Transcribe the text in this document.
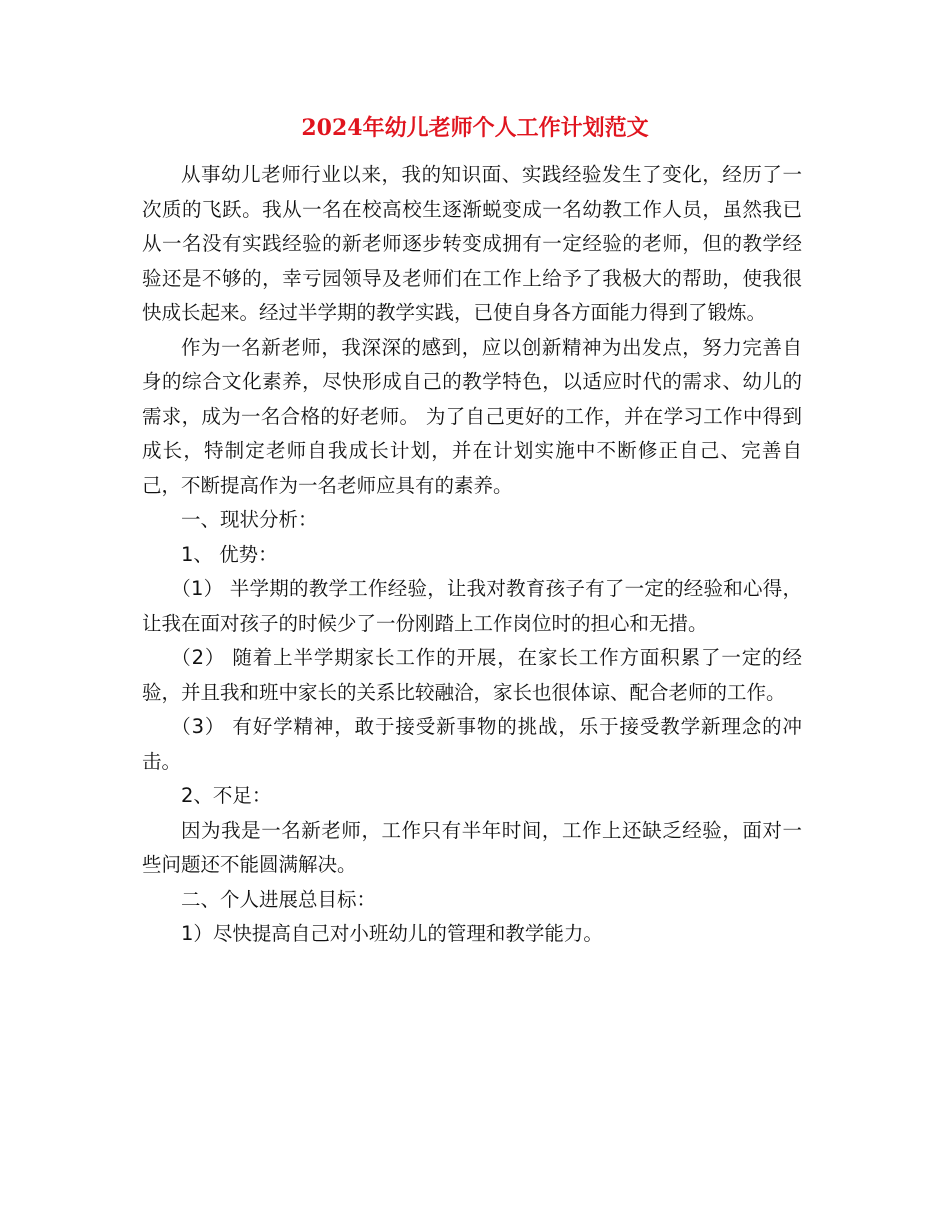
2024年幼儿老师个人工作计划范文

从事幼儿老师行业以来，我的知识面、实践经验发生了变化，经历了一次质的飞跃。我从一名在校高校生逐渐蜕变成一名幼教工作人员，虽然我已从一名没有实践经验的新老师逐步转变成拥有一定经验的老师，但的教学经验还是不够的，幸亏园领导及老师们在工作上给予了我极大的帮助，使我很快成长起来。经过半学期的教学实践，已使自身各方面能力得到了锻炼。

作为一名新老师，我深深的感到，应以创新精神为出发点，努力完善自身的综合文化素养，尽快形成自己的教学特色，以适应时代的需求、幼儿的需求，成为一名合格的好老师。 为了自己更好的工作，并在学习工作中得到成长，特制定老师自我成长计划，并在计划实施中不断修正自己、完善自己，不断提高作为一名老师应具有的素养。

一、现状分析：

1、 优势：

（1） 半学期的教学工作经验，让我对教育孩子有了一定的经验和心得，让我在面对孩子的时候少了一份刚踏上工作岗位时的担心和无措。

（2） 随着上半学期家长工作的开展，在家长工作方面积累了一定的经验，并且我和班中家长的关系比较融洽，家长也很体谅、配合老师的工作。

（3） 有好学精神，敢于接受新事物的挑战，乐于接受教学新理念的冲击。

2、不足：

因为我是一名新老师，工作只有半年时间，工作上还缺乏经验，面对一些问题还不能圆满解决。

二、个人进展总目标：

1）尽快提高自己对小班幼儿的管理和教学能力。
